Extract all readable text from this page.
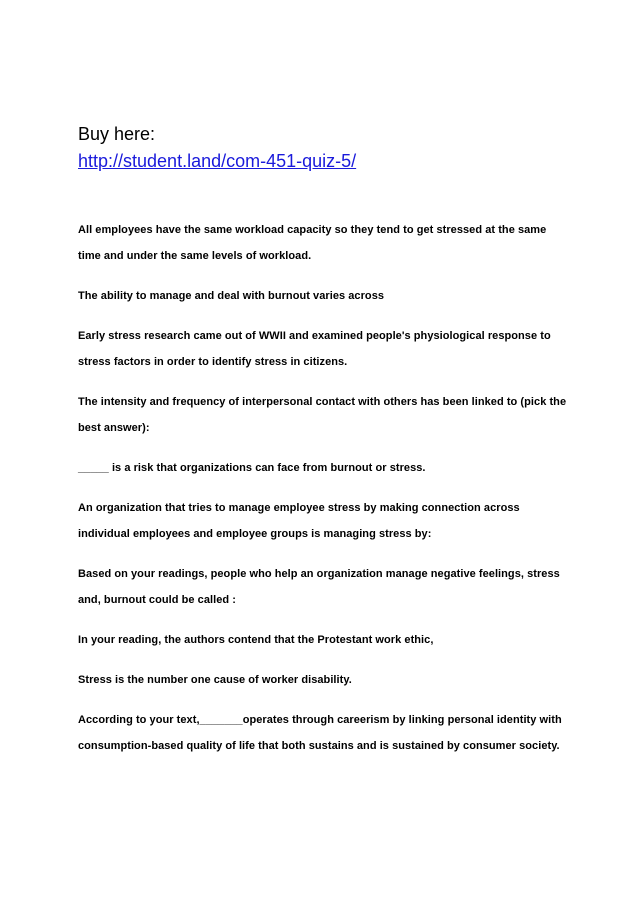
Buy here:

http://student.land/com-451-quiz-5/
All employees have the same workload capacity so they tend to get stressed at the same time and under the same levels of workload.
The ability to manage and deal with burnout varies across
Early stress research came out of WWII and examined people's physiological response to stress factors in order to identify stress in citizens.
The intensity and frequency of interpersonal contact with others has been linked to (pick the best answer):
_____ is a risk that organizations can face from burnout or stress.
An organization that tries to manage employee stress by making connection across individual employees and employee groups is managing stress by:
Based on your readings, people who help an organization manage negative feelings, stress and, burnout could be called :
In your reading, the authors contend that the Protestant work ethic,
Stress is the number one cause of worker disability.
According to your text,_______operates through careerism by linking personal identity with consumption-based quality of life that both sustains and is sustained by consumer society.
